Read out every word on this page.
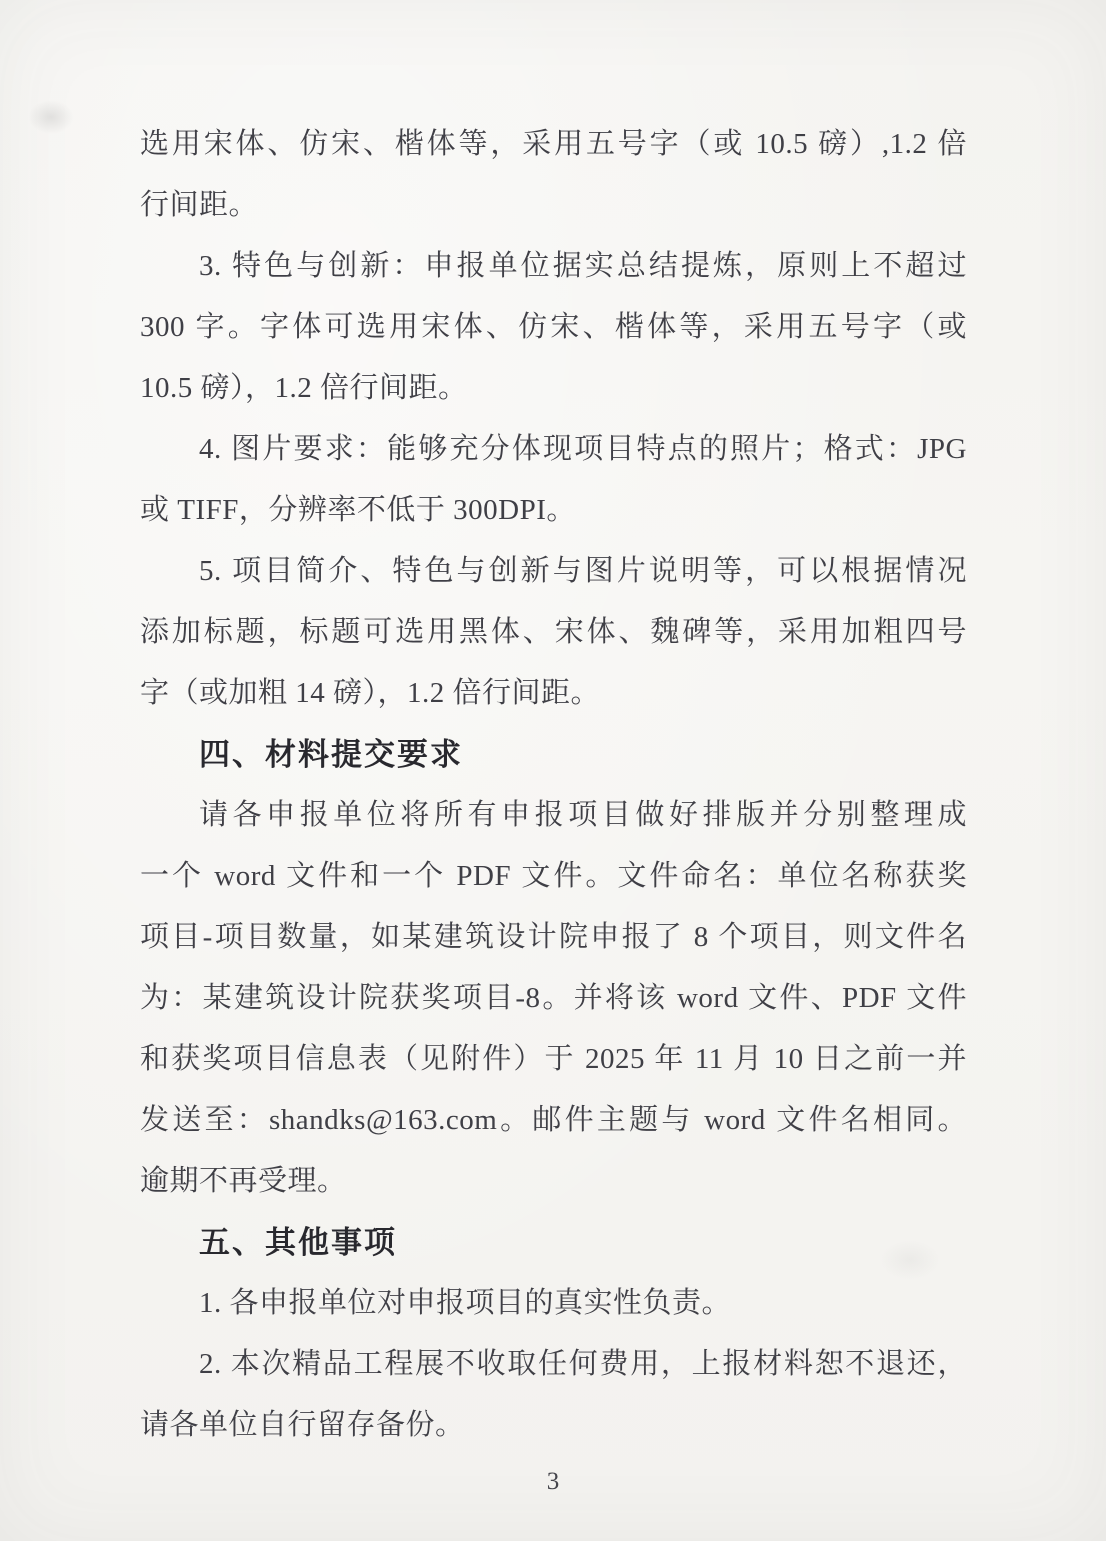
选用宋体、仿宋、楷体等，采用五号字（或 10.5 磅）,1.2 倍
行间距。
3. 特色与创新：申报单位据实总结提炼，原则上不超过
300 字。字体可选用宋体、仿宋、楷体等，采用五号字（或
10.5 磅），1.2 倍行间距。
4. 图片要求：能够充分体现项目特点的照片；格式：JPG
或 TIFF，分辨率不低于 300DPI。
5. 项目简介、特色与创新与图片说明等，可以根据情况
添加标题，标题可选用黑体、宋体、魏碑等，采用加粗四号
字（或加粗 14 磅），1.2 倍行间距。
四、材料提交要求
请各申报单位将所有申报项目做好排版并分别整理成
一个 word 文件和一个 PDF 文件。文件命名：单位名称获奖
项目-项目数量，如某建筑设计院申报了 8 个项目，则文件名
为：某建筑设计院获奖项目-8。并将该 word 文件、PDF 文件
和获奖项目信息表（见附件）于 2025 年 11 月 10 日之前一并
发送至：shandks@163.com。邮件主题与 word 文件名相同。
逾期不再受理。
五、其他事项
1. 各申报单位对申报项目的真实性负责。
2. 本次精品工程展不收取任何费用，上报材料恕不退还，
请各单位自行留存备份。
3
